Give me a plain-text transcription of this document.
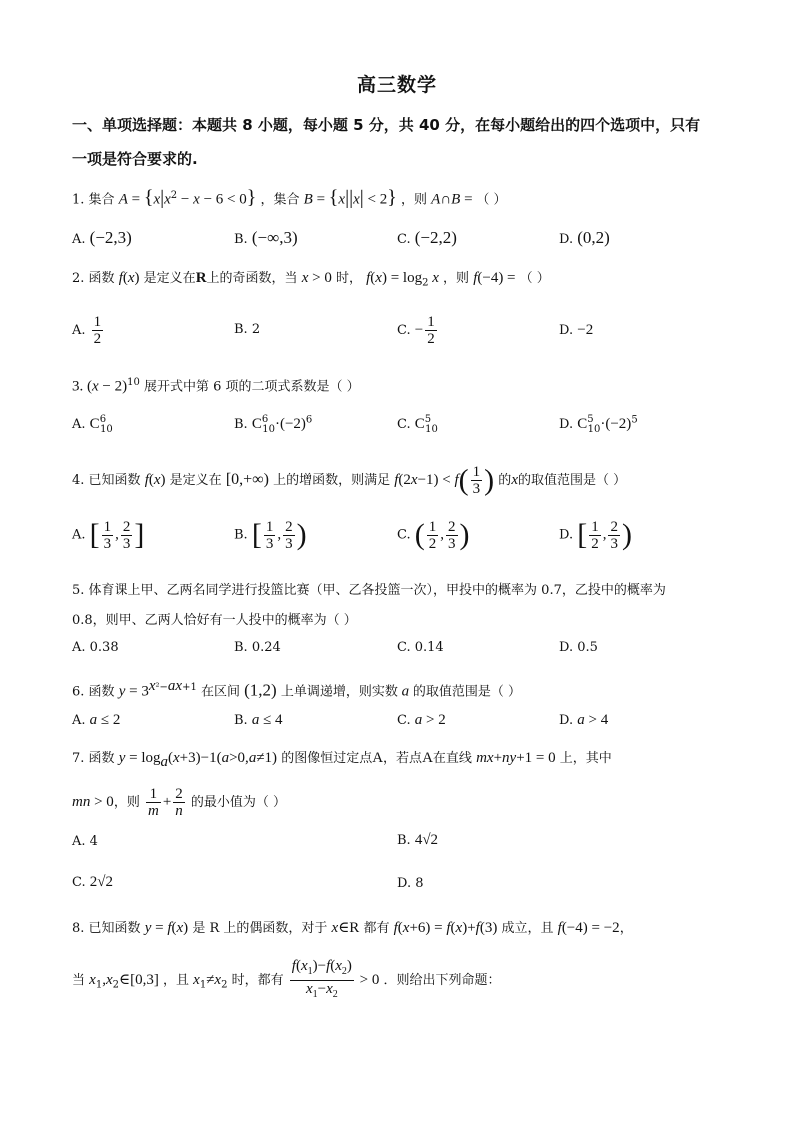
高三数学
一、单项选择题：本题共 8 小题，每小题 5 分，共 40 分，在每小题给出的四个选项中，只有
一项是符合要求的.
1. 集合 $A = \{x|x^2 - x - 6 < 0\}$ ，集合 B = {x||x| < 2} ，则 A∩B = （ ）
A. (−2,3)	B. (−∞,3)	C. (−2,2)	D. (0,2)
2. 函数 f(x) 是定义在R上的奇函数，当 x > 0 时， $f(x) = \log_2 x$ ，则 f(−4) = （ ）
A. $\frac{1}{2}$	B. 2	C. − $\frac{1}{2}$	D. −2
3. $(x - 2)^{10}$ 展开式中第 6 项的二项式系数是（ ）
A. $C^6_{10}$	B. $C^6_{10}\cdot(-2)^6$	C. $C^5_{10}$	D. $C^5_{10}\cdot(-2)^5$
4. 已知函数 f(x) 是定义在 [0,+∞) 上的增函数，则满足 $f(2x-1) < f( \frac{1}{3}$ ) 的x的取值范围是（ ）
A. [ $\frac{1}{3}$ , $\frac{2}{3}$ ]	B. [ $\frac{1}{3}$ , $\frac{2}{3}$ )	C. ( $\frac{1}{2}$ , $\frac{2}{3}$ )	D. [ $\frac{1}{2}$ , $\frac{2}{3}$ )
5. 体育课上甲、乙两名同学进行投篮比赛（甲、乙各投篮一次），甲投中的概率为 0.7，乙投中的概率为
0.8，则甲、乙两人恰好有一人投中的概率为（ ）
A. 0.38	B. 0.24	C. 0.14	D. 0.5
6. 函数 $y = 3^{x^2-ax+1}$ 在区间 (1,2) 上单调递增，则实数 a 的取值范围是（ ）
A. a ≤ 2	B. a ≤ 4	C. a > 2	D. a > 4
7. 函数 $y = \log_a(x+3)-1(a>0,a\ne 1)$ 的图像恒过定点A，若点A在直线 mx+ny+1 = 0 上，其中
mn > 0，则 $\frac{1}{m} + \frac{2}{n}$ 的最小值为（ ）
A. 4	B. 4√2
C. 2√2	D. 8
8. 已知函数 y = f(x) 是 R 上的偶函数，对于 x∈R 都有 f(x+6) = f(x)+f(3) 成立，且 f(−4) = −2，
当 $x_1,x_2\in[0,3]$ ，且 $x_1\ne x_2$ 时，都有 $\frac{f(x_1)-f(x_2)}{x_1-x_2} > 0$ ．则给出下列命题：
